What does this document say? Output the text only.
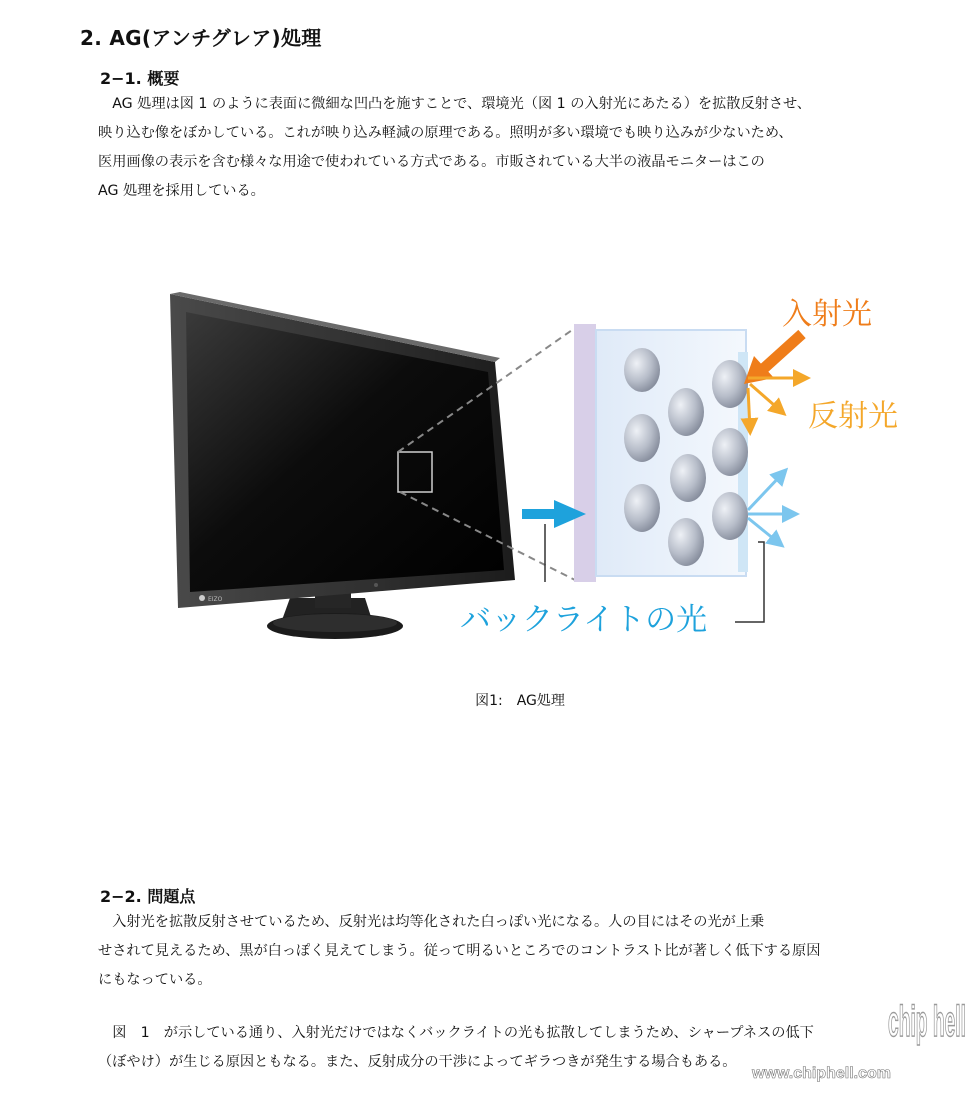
2. AG(アンチグレア)処理
2−1. 概要
　AG 処理は図 1 のように表面に微細な凹凸を施すことで、環境光（図 1 の入射光にあたる）を拡散反射させ、
映り込む像をぼかしている。これが映り込み軽減の原理である。照明が多い環境でも映り込みが少ないため、
医用画像の表示を含む様々な用途で使われている方式である。市販されている大半の液晶モニターはこの
AG 処理を採用している。
EIZO
入射光
反射光
バックライトの光
図1:　AG処理
2−2. 問題点
　入射光を拡散反射させているため、反射光は均等化された白っぽい光になる。人の目にはその光が上乗
せされて見えるため、黒が白っぽく見えてしまう。従って明るいところでのコントラスト比が著しく低下する原因
にもなっている。
　図　1　が示している通り、入射光だけではなくバックライトの光も拡散してしまうため、シャープネスの低下
（ぼやけ）が生じる原因ともなる。また、反射成分の干渉によってギラつきが発生する場合もある。
chip hell
www.chiphell.com
